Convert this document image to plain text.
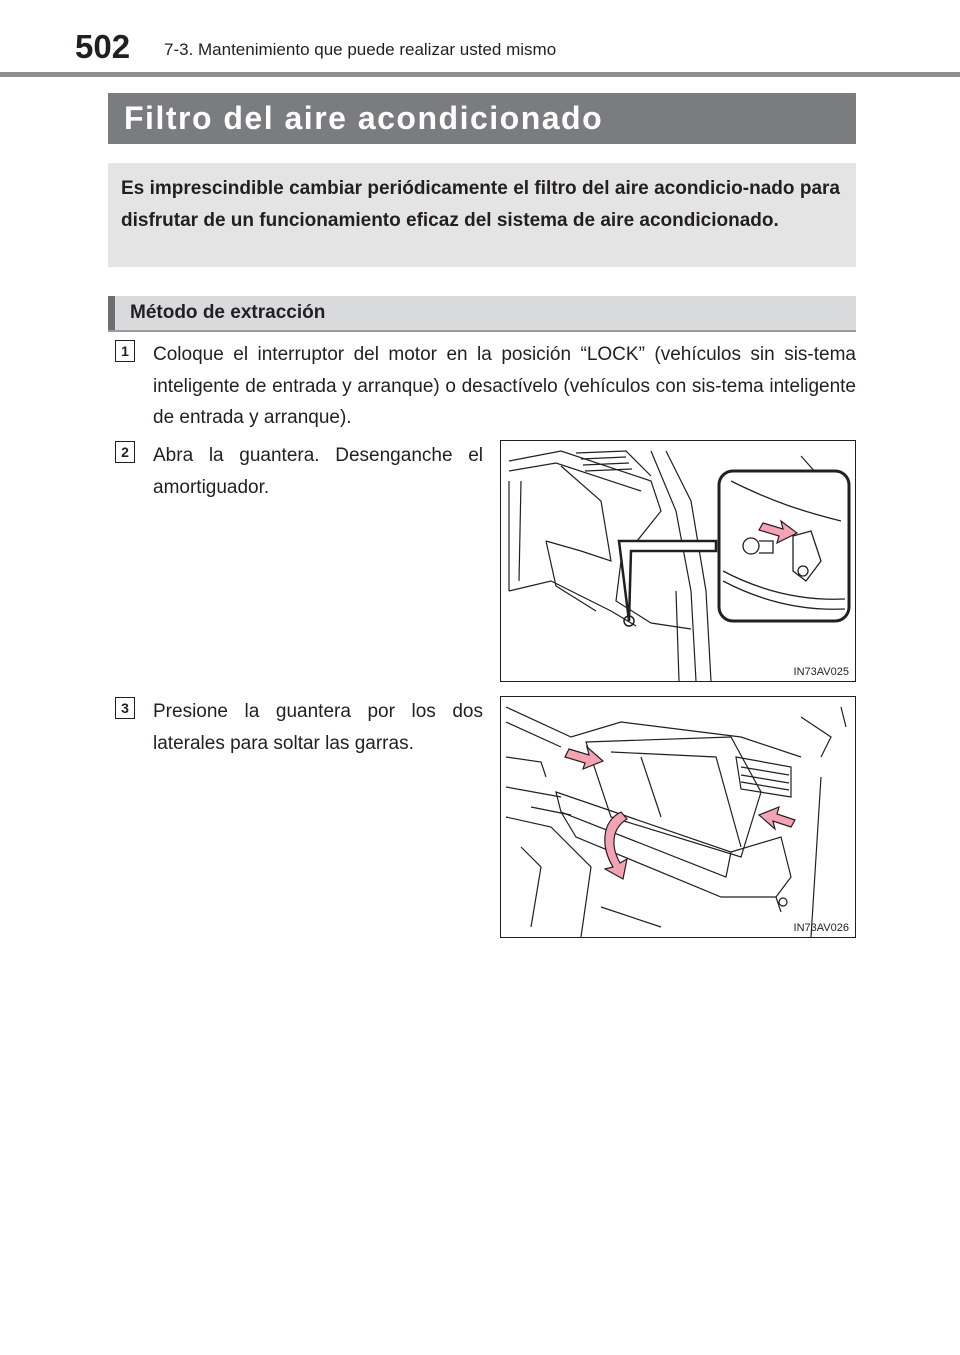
502 7-3. Mantenimiento que puede realizar usted mismo
Filtro del aire acondicionado
Es imprescindible cambiar periódicamente el filtro del aire acondicio-nado para disfrutar de un funcionamiento eficaz del sistema de aire acondicionado.
Método de extracción
1	Coloque el interruptor del motor en la posición “LOCK” (vehículos sin sis-tema inteligente de entrada y arranque) o desactívelo (vehículos con sis-tema inteligente de entrada y arranque).
2	Abra la guantera. Desenganche el amortiguador.
IN73AV025
3	Presione la guantera por los dos laterales para soltar las garras.
IN73AV026
